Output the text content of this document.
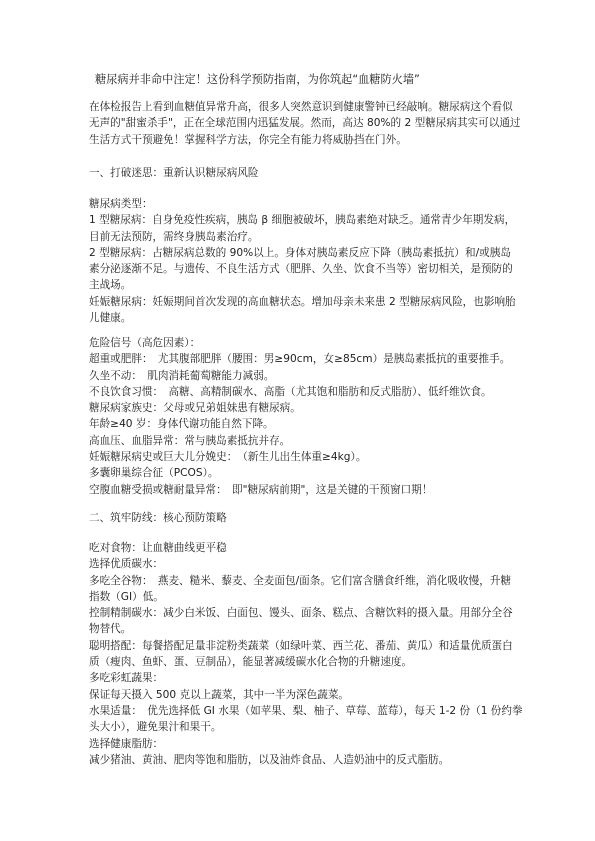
糖尿病并非命中注定！这份科学预防指南，为你筑起“血糖防火墙”

在体检报告上看到血糖值异常升高，很多人突然意识到健康警钟已经敲响。糖尿病这个看似

无声的"甜蜜杀手"，正在全球范围内迅猛发展。然而，高达 80%的 2 型糖尿病其实可以通过

生活方式干预避免！掌握科学方法，你完全有能力将威胁挡在门外。

一、打破迷思：重新认识糖尿病风险

糖尿病类型：

1 型糖尿病：自身免疫性疾病，胰岛 β 细胞被破坏，胰岛素绝对缺乏。通常青少年期发病，

目前无法预防，需终身胰岛素治疗。

2 型糖尿病：占糖尿病总数的 90%以上。身体对胰岛素反应下降（胰岛素抵抗）和/或胰岛

素分泌逐渐不足。与遗传、不良生活方式（肥胖、久坐、饮食不当等）密切相关，是预防的

主战场。

妊娠糖尿病：妊娠期间首次发现的高血糖状态。增加母亲未来患 2 型糖尿病风险，也影响胎

儿健康。

危险信号（高危因素）：

超重或肥胖：　尤其腹部肥胖（腰围：男≥90cm，女≥85cm）是胰岛素抵抗的重要推手。

久坐不动：　肌肉消耗葡萄糖能力减弱。

不良饮食习惯：　高糖、高精制碳水、高脂（尤其饱和脂肪和反式脂肪）、低纤维饮食。

糖尿病家族史：父母或兄弟姐妹患有糖尿病。

年龄≥40 岁：身体代谢功能自然下降。

高血压、血脂异常：常与胰岛素抵抗并存。

妊娠糖尿病史或巨大儿分娩史：　（新生儿出生体重≥4kg）。

多囊卵巢综合征（PCOS）。

空腹血糖受损或糖耐量异常：　即"糖尿病前期"，这是关键的干预窗口期！

二、筑牢防线：核心预防策略

吃对食物：让血糖曲线更平稳

选择优质碳水：

多吃全谷物：　燕麦、糙米、藜麦、全麦面包/面条。它们富含膳食纤维，消化吸收慢，升糖

指数（GI）低。

控制精制碳水：减少白米饭、白面包、馒头、面条、糕点、含糖饮料的摄入量。用部分全谷

物替代。

聪明搭配：每餐搭配足量非淀粉类蔬菜（如绿叶菜、西兰花、番茄、黄瓜）和适量优质蛋白

质（瘦肉、鱼虾、蛋、豆制品），能显著减缓碳水化合物的升糖速度。

多吃彩虹蔬果：

保证每天摄入 500 克以上蔬菜，其中一半为深色蔬菜。

水果适量：　优先选择低 GI 水果（如苹果、梨、柚子、草莓、蓝莓），每天 1-2 份（1 份约拳

头大小），避免果汁和果干。

选择健康脂肪：

减少猪油、黄油、肥肉等饱和脂肪，以及油炸食品、人造奶油中的反式脂肪。
